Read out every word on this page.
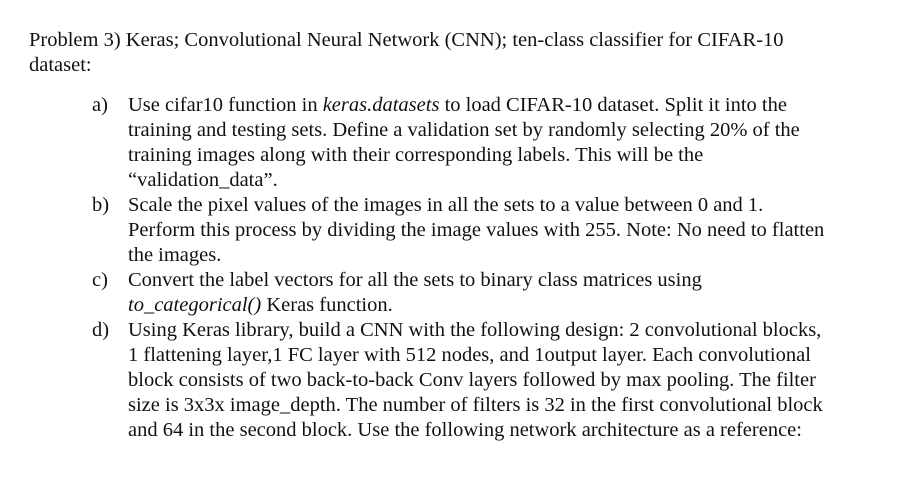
Problem 3) Keras; Convolutional Neural Network (CNN); ten-class classifier for CIFAR-10
dataset:

a) Use cifar10 function in keras.datasets to load CIFAR-10 dataset. Split it into the
training and testing sets. Define a validation set by randomly selecting 20% of the
training images along with their corresponding labels. This will be the
“validation_data”.
b) Scale the pixel values of the images in all the sets to a value between 0 and 1.
Perform this process by dividing the image values with 255. Note: No need to flatten
the images.
c) Convert the label vectors for all the sets to binary class matrices using
to_categorical() Keras function.
d) Using Keras library, build a CNN with the following design: 2 convolutional blocks,
1 flattening layer,1 FC layer with 512 nodes, and 1output layer. Each convolutional
block consists of two back-to-back Conv layers followed by max pooling. The filter
size is 3x3x image_depth. The number of filters is 32 in the first convolutional block
and 64 in the second block. Use the following network architecture as a reference:
